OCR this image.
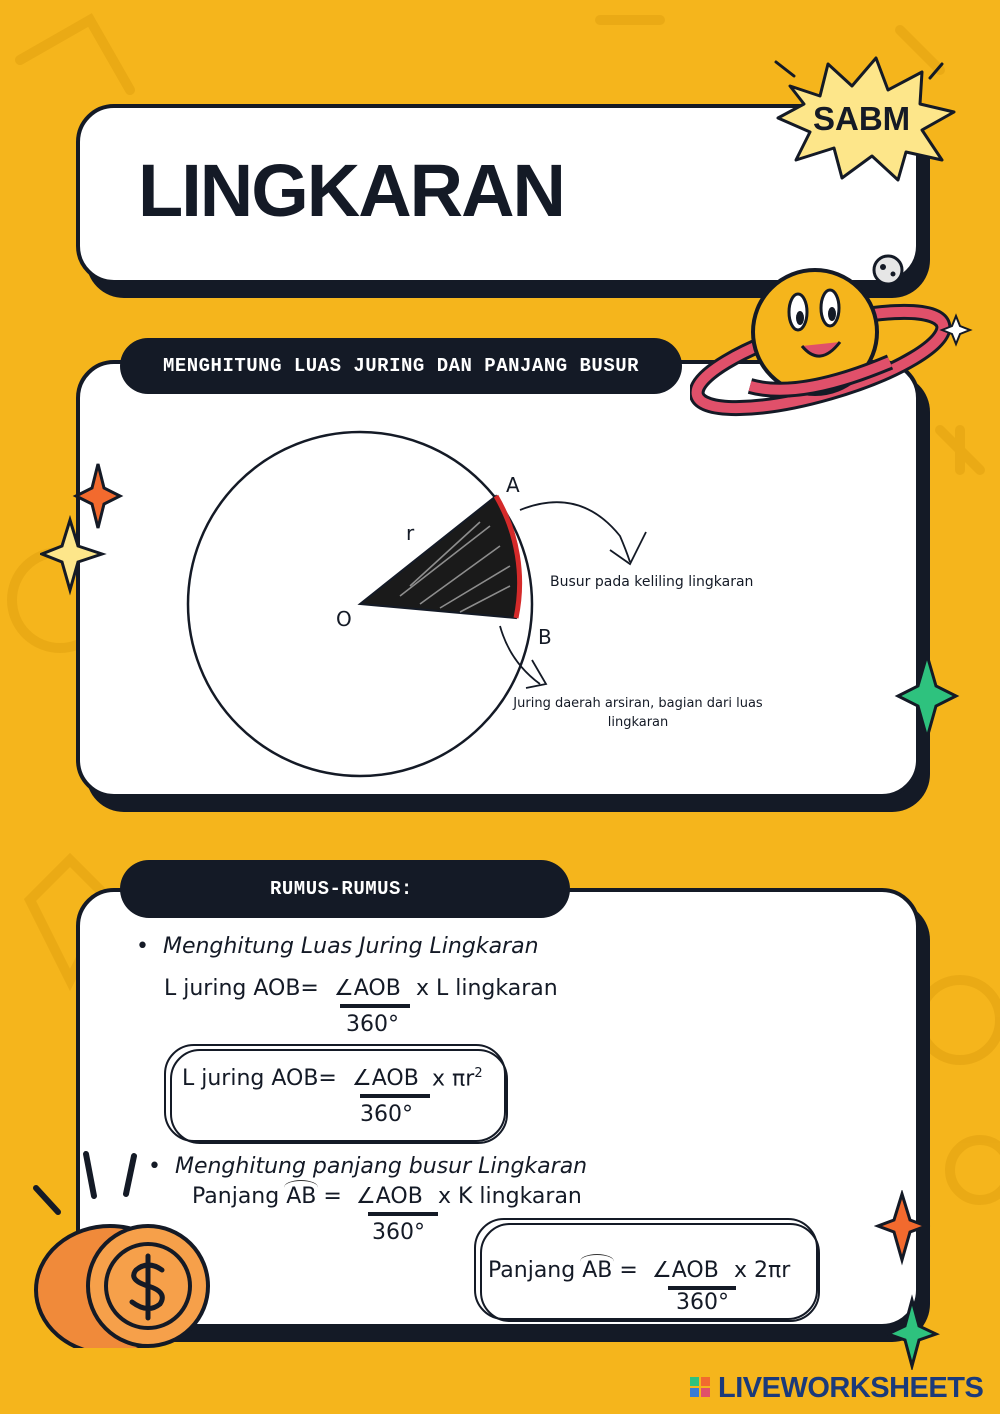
LINGKARAN
SABM
MENGHITUNG LUAS JURING DAN PANJANG BUSUR
A
B
O
r
Busur pada keliling lingkaran
Juring daerah arsiran, bagian dari luas
lingkaran
RUMUS-RUMUS:
•  Menghitung Luas Juring Lingkaran
L juring AOB= ∠AOB x L lingkaran
360°
L juring AOB= ∠AOB x $\pi r^2$
360°
•  Menghitung panjang busur Lingkaran
Panjang AB = ∠AOB x K lingkaran
360°
Panjang AB = ∠AOB x 2πr
360°
LIVEWORKSHEETS
